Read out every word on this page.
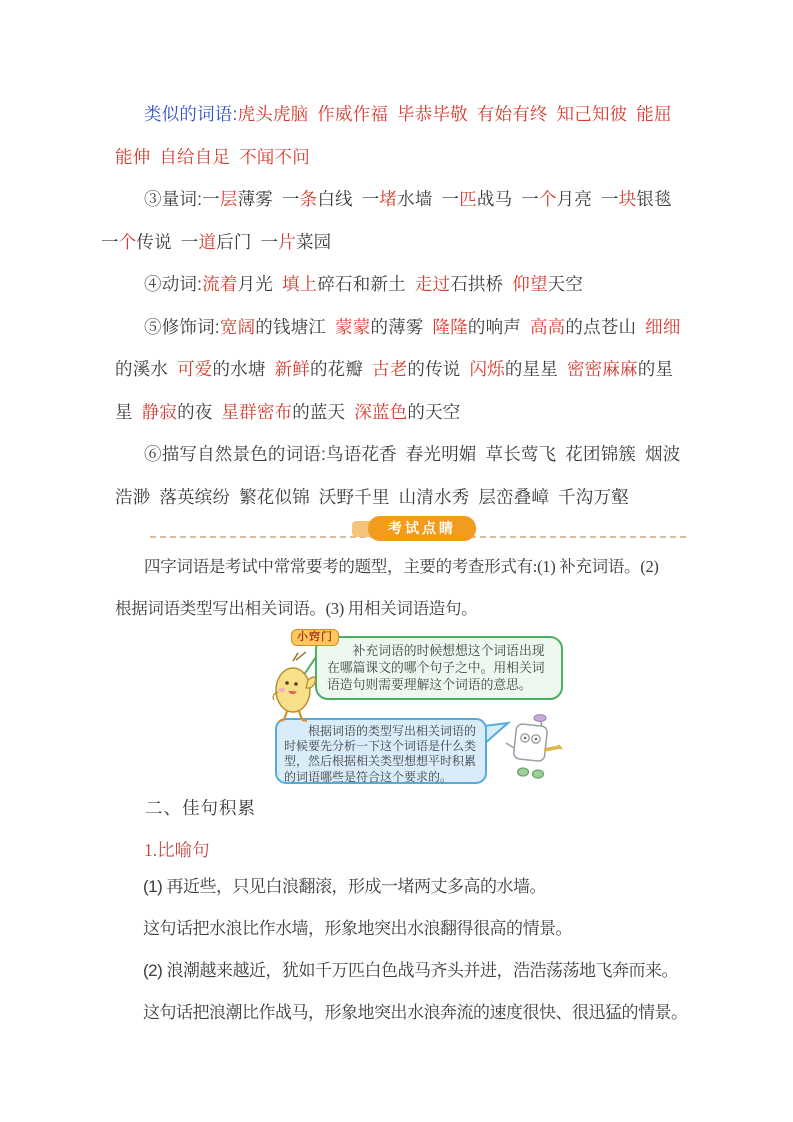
类似的词语:虎头虎脑 作威作福 毕恭毕敬 有始有终 知己知彼 能屈
能伸 自给自足 不闻不问
③量词:一层薄雾 一条白线 一堵水墙 一匹战马 一个月亮 一块银毯
一个传说 一道后门 一片菜园
④动词:流着月光 填上碎石和新土 走过石拱桥 仰望天空
⑤修饰词:宽阔的钱塘江 蒙蒙的薄雾 隆隆的响声 高高的点苍山 细细
的溪水 可爱的水塘 新鲜的花瓣 古老的传说 闪烁的星星 密密麻麻的星
星 静寂的夜 星群密布的蓝天 深蓝色的天空
⑥描写自然景色的词语:鸟语花香 春光明媚 草长莺飞 花团锦簇 烟波
浩渺 落英缤纷 繁花似锦 沃野千里 山清水秀 层峦叠嶂 千沟万壑
考试点睛
四字词语是考试中常常要考的题型，主要的考查形式有:(1) 补充词语。(2)
根据词语类型写出相关词语。(3) 用相关词语造句。
小窍门

补充词语的时候想想这个词语出现在哪篇课文的哪个句子之中。用相关词语造句则需要理解这个词语的意思。

根据词语的类型写出相关词语的时候要先分析一下这个词语是什么类型，然后根据相关类型想想平时积累的词语哪些是符合这个要求的。

二、佳句积累
1.比喻句
(1) 再近些，只见白浪翻滚，形成一堵两丈多高的水墙。
这句话把水浪比作水墙，形象地突出水浪翻得很高的情景。
(2) 浪潮越来越近，犹如千万匹白色战马齐头并进，浩浩荡荡地飞奔而来。
这句话把浪潮比作战马，形象地突出水浪奔流的速度很快、很迅猛的情景。
